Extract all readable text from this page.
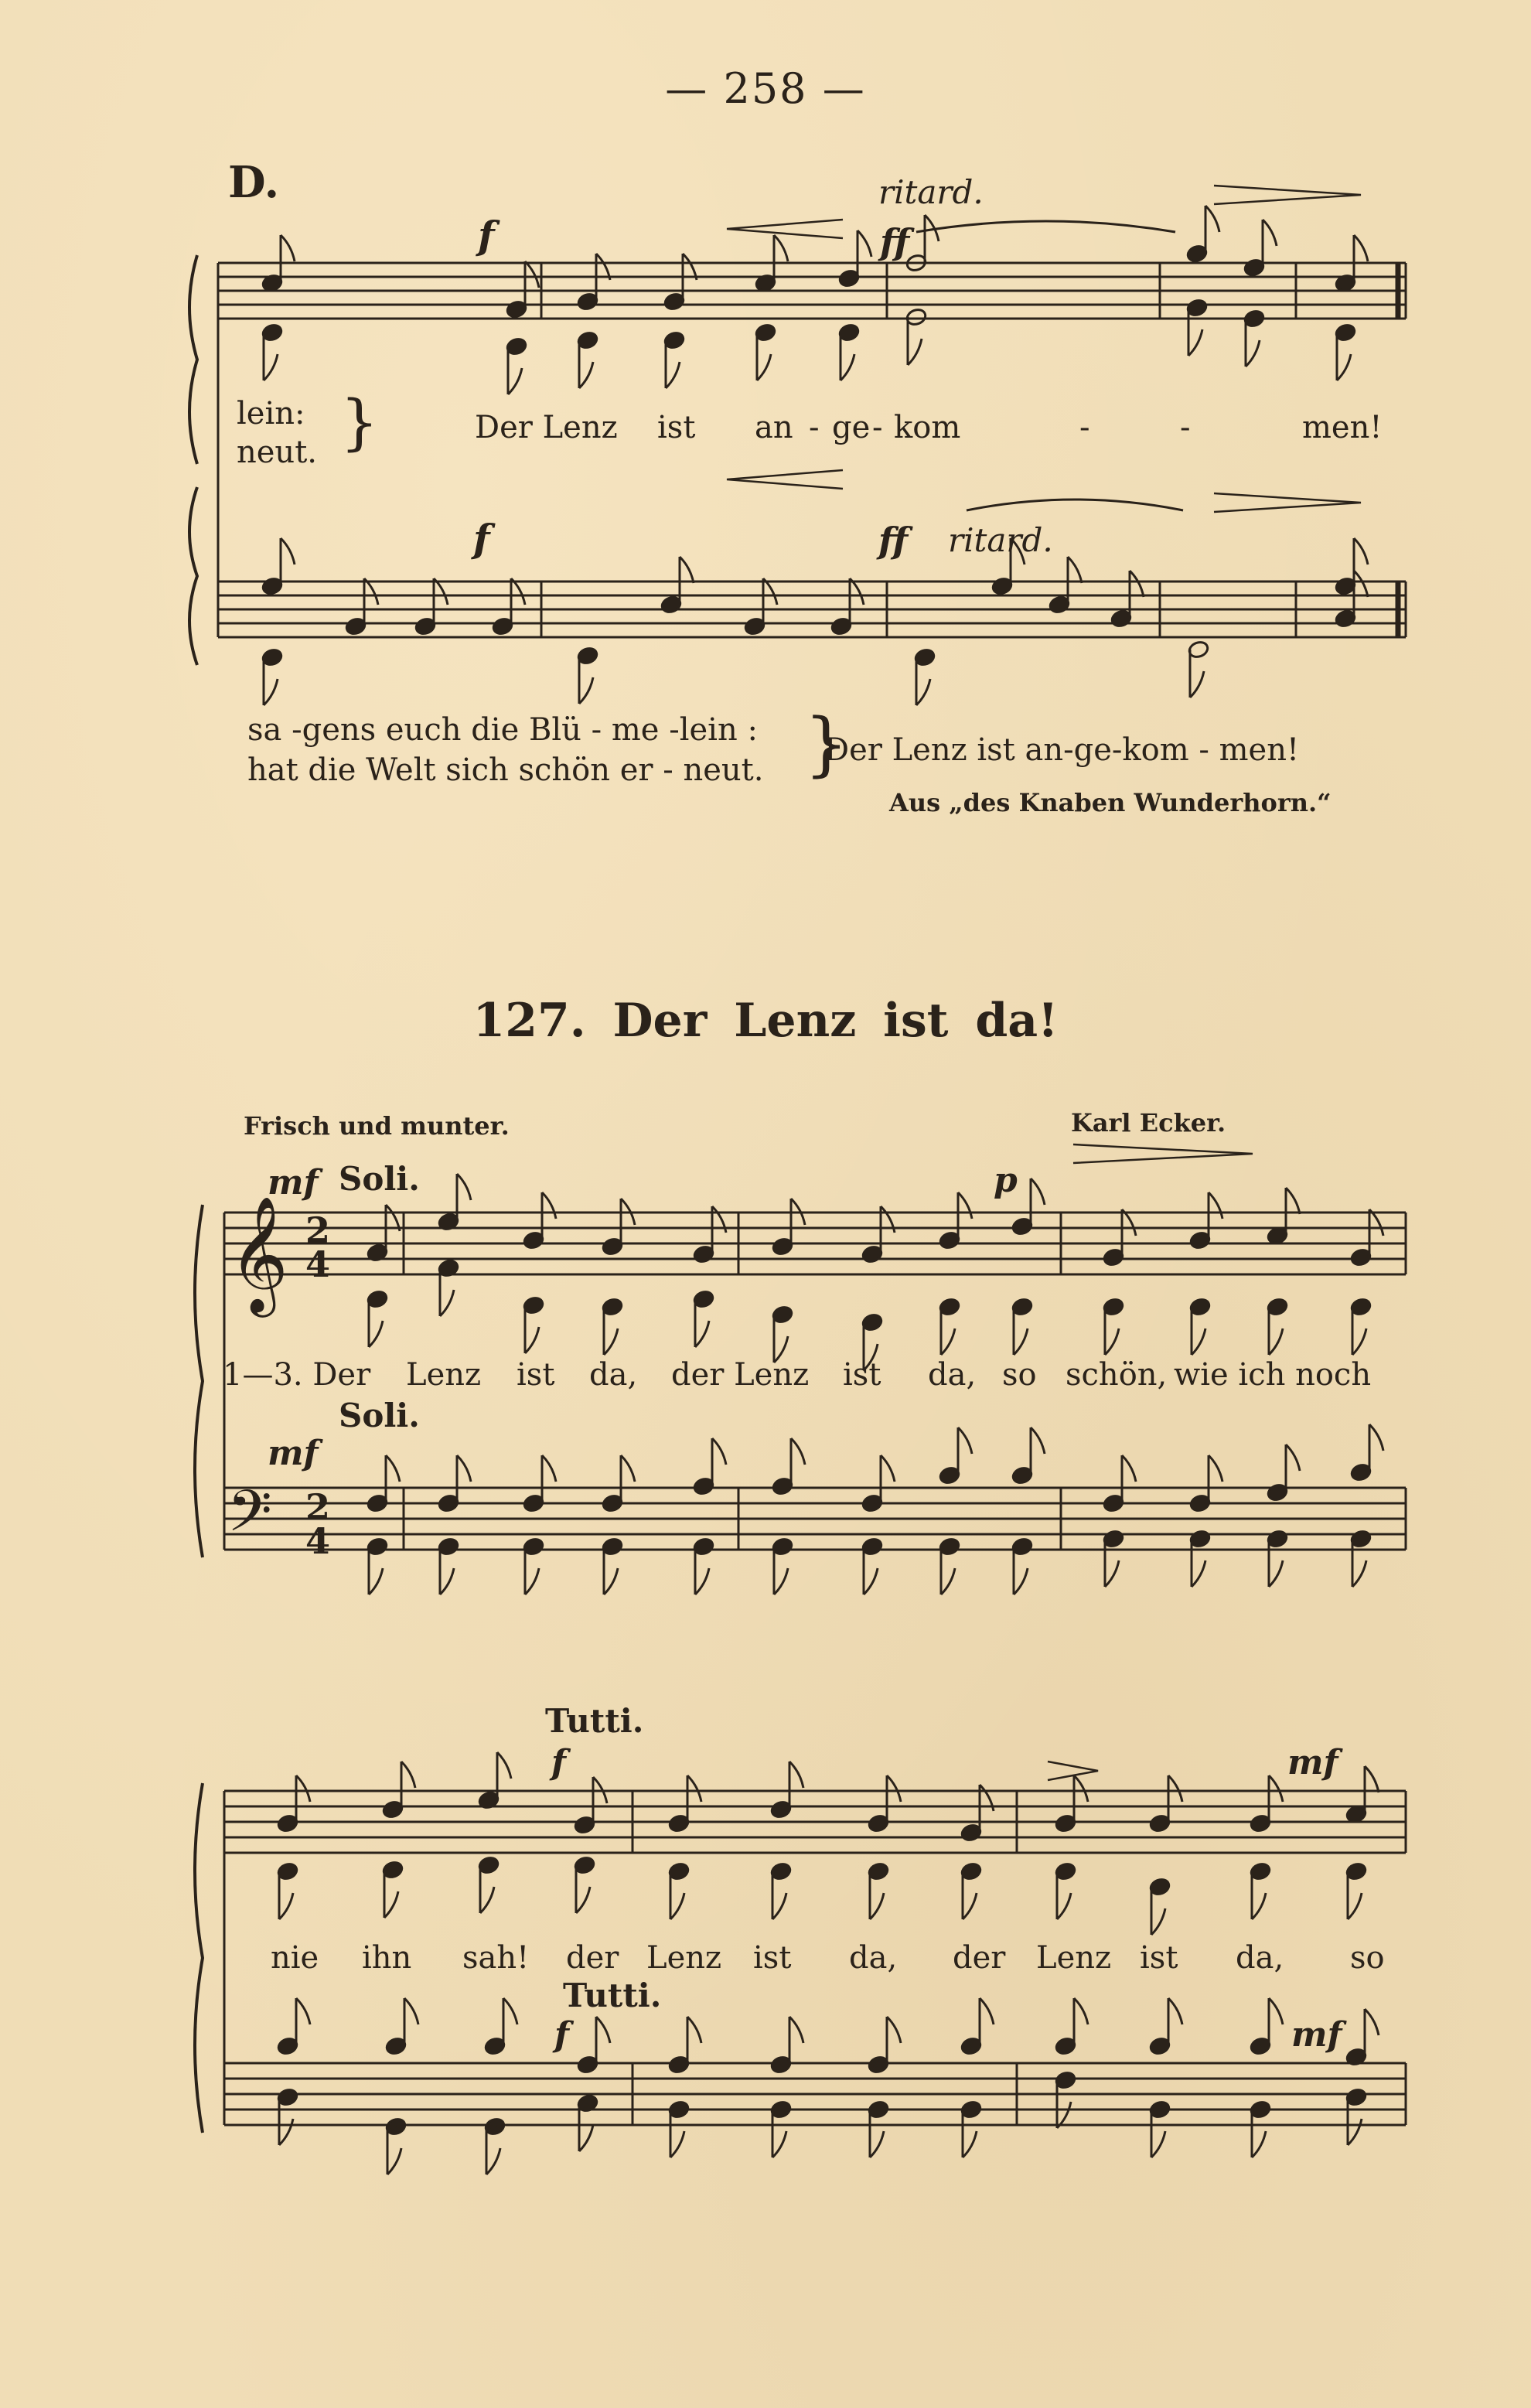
𝄞
𝄢
— 258 —
D.
f	ff
ritard.
lein:
neut. }	Der Lenz ist an - ge - kom	-	-	men!
f	ff ritard.
sa -gens euch die Blü - me -lein :
hat die Welt sich schön er - neut. }
Der Lenz ist an-ge-kom - men!
Aus „des Knaben Wunderhorn.“
127. Der Lenz ist da!
Frisch und munter.	Karl Ecker.
mf Soli.	p
1—3. Der Lenz ist da, der Lenz ist da, so schön, wie ich noch
mf
Soli.
Tutti.
f	mf
nie ihn sah! der Lenz ist da, der Lenz ist da, so
Tutti.
f	mf
2
4
2
4
